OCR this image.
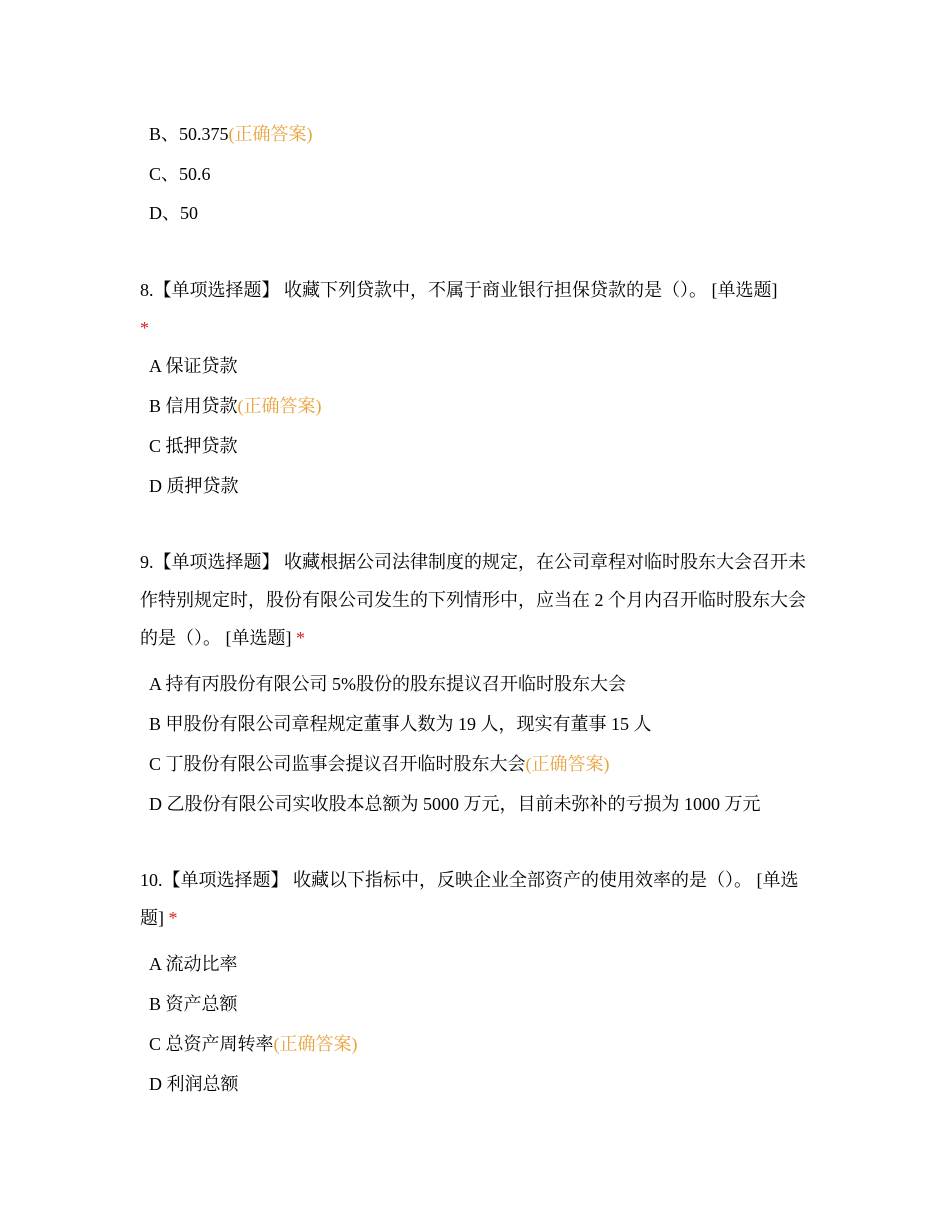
B、50.375(正确答案)
C、50.6
D、50
8.【单项选择题】 收藏下列贷款中，不属于商业银行担保贷款的是（）。 [单选题]
*
A 保证贷款
B 信用贷款(正确答案)
C 抵押贷款
D 质押贷款
9.【单项选择题】 收藏根据公司法律制度的规定，在公司章程对临时股东大会召开未作特别规定时，股份有限公司发生的下列情形中，应当在 2 个月内召开临时股东大会的是（）。 [单选题] *
A 持有丙股份有限公司 5%股份的股东提议召开临时股东大会
B 甲股份有限公司章程规定董事人数为 19 人，现实有董事 15 人
C 丁股份有限公司监事会提议召开临时股东大会(正确答案)
D 乙股份有限公司实收股本总额为 5000 万元，目前未弥补的亏损为 1000 万元
10.【单项选择题】 收藏以下指标中，反映企业全部资产的使用效率的是（）。 [单选题] *
A 流动比率
B 资产总额
C 总资产周转率(正确答案)
D 利润总额
